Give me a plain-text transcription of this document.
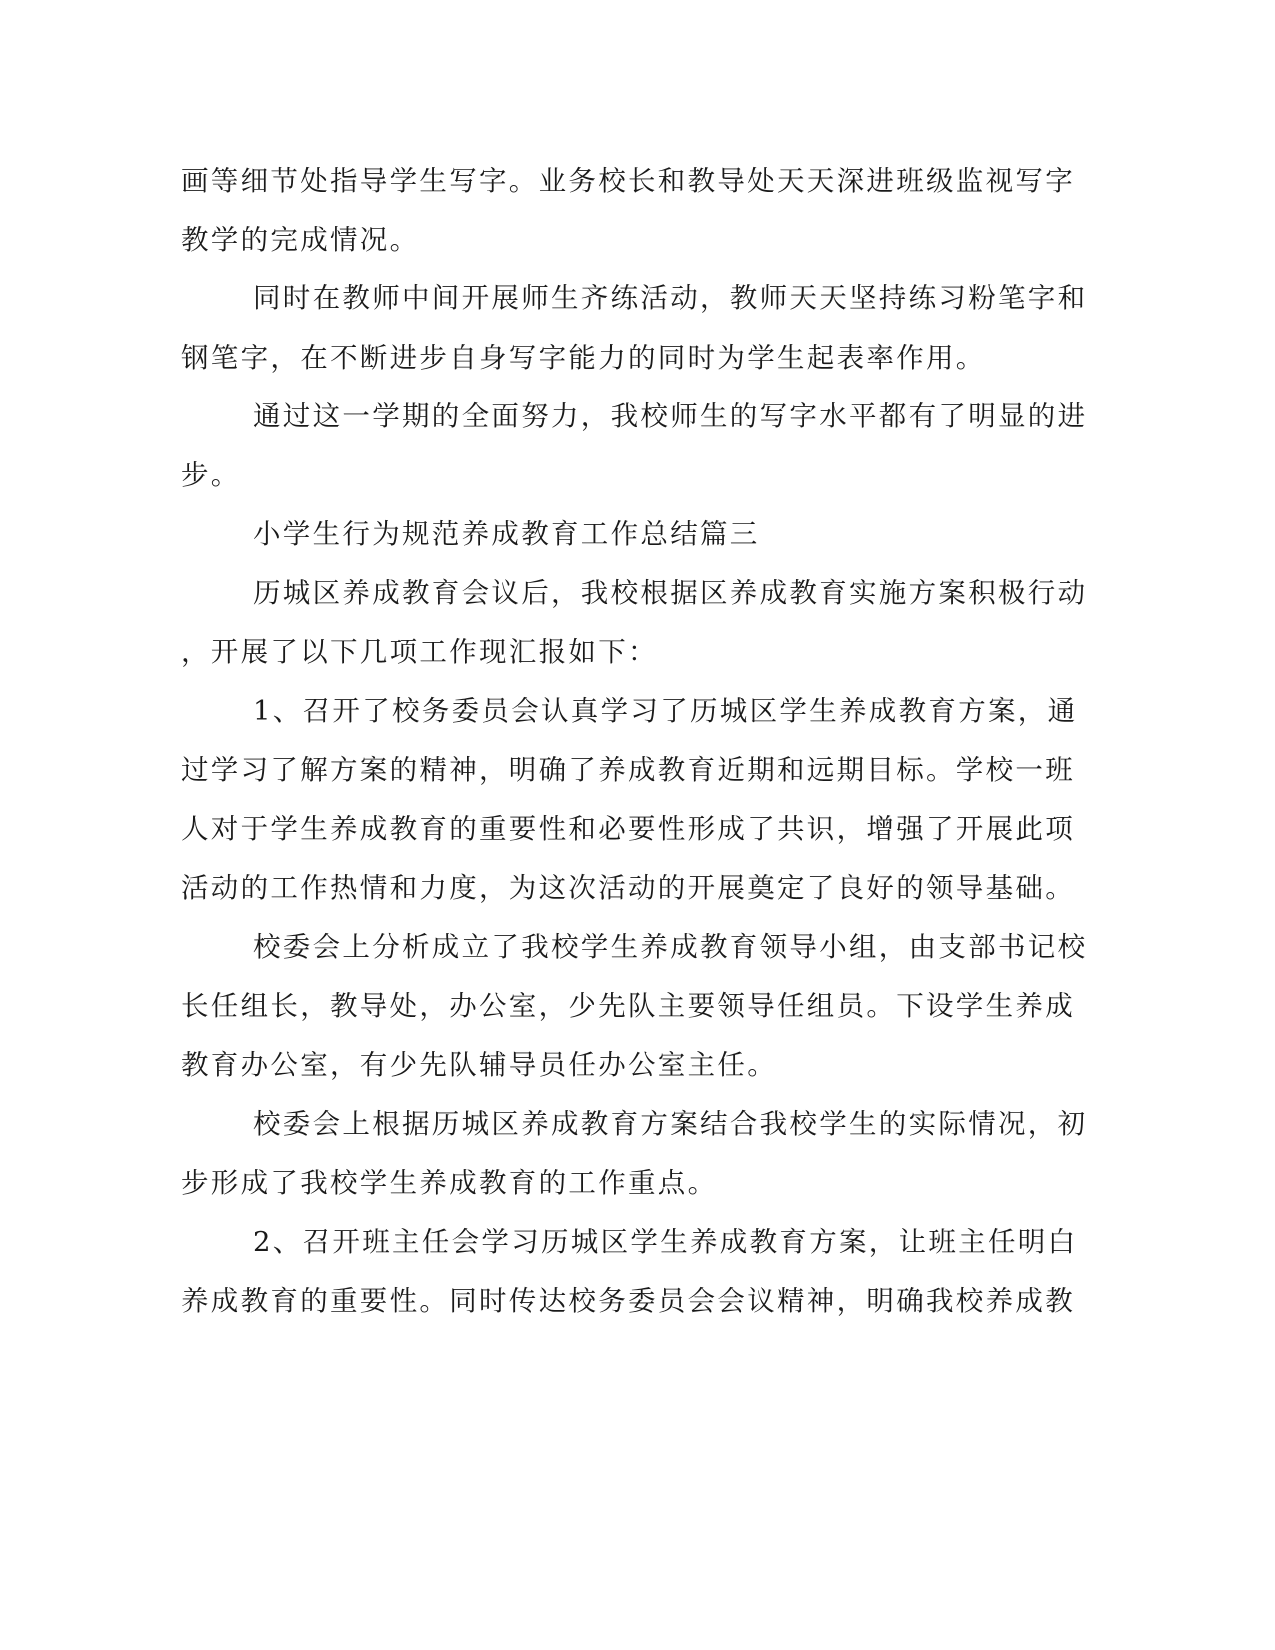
画等细节处指导学生写字。业务校长和教导处天天深进班级监视写字
教学的完成情况。
同时在教师中间开展师生齐练活动，教师天天坚持练习粉笔字和
钢笔字，在不断进步自身写字能力的同时为学生起表率作用。
通过这一学期的全面努力，我校师生的写字水平都有了明显的进
步。
小学生行为规范养成教育工作总结篇三
历城区养成教育会议后，我校根据区养成教育实施方案积极行动
，开展了以下几项工作现汇报如下：
1、召开了校务委员会认真学习了历城区学生养成教育方案，通
过学习了解方案的精神，明确了养成教育近期和远期目标。学校一班
人对于学生养成教育的重要性和必要性形成了共识，增强了开展此项
活动的工作热情和力度，为这次活动的开展奠定了良好的领导基础。
校委会上分析成立了我校学生养成教育领导小组，由支部书记校
长任组长，教导处，办公室，少先队主要领导任组员。下设学生养成
教育办公室，有少先队辅导员任办公室主任。
校委会上根据历城区养成教育方案结合我校学生的实际情况，初
步形成了我校学生养成教育的工作重点。
2、召开班主任会学习历城区学生养成教育方案，让班主任明白
养成教育的重要性。同时传达校务委员会会议精神，明确我校养成教
